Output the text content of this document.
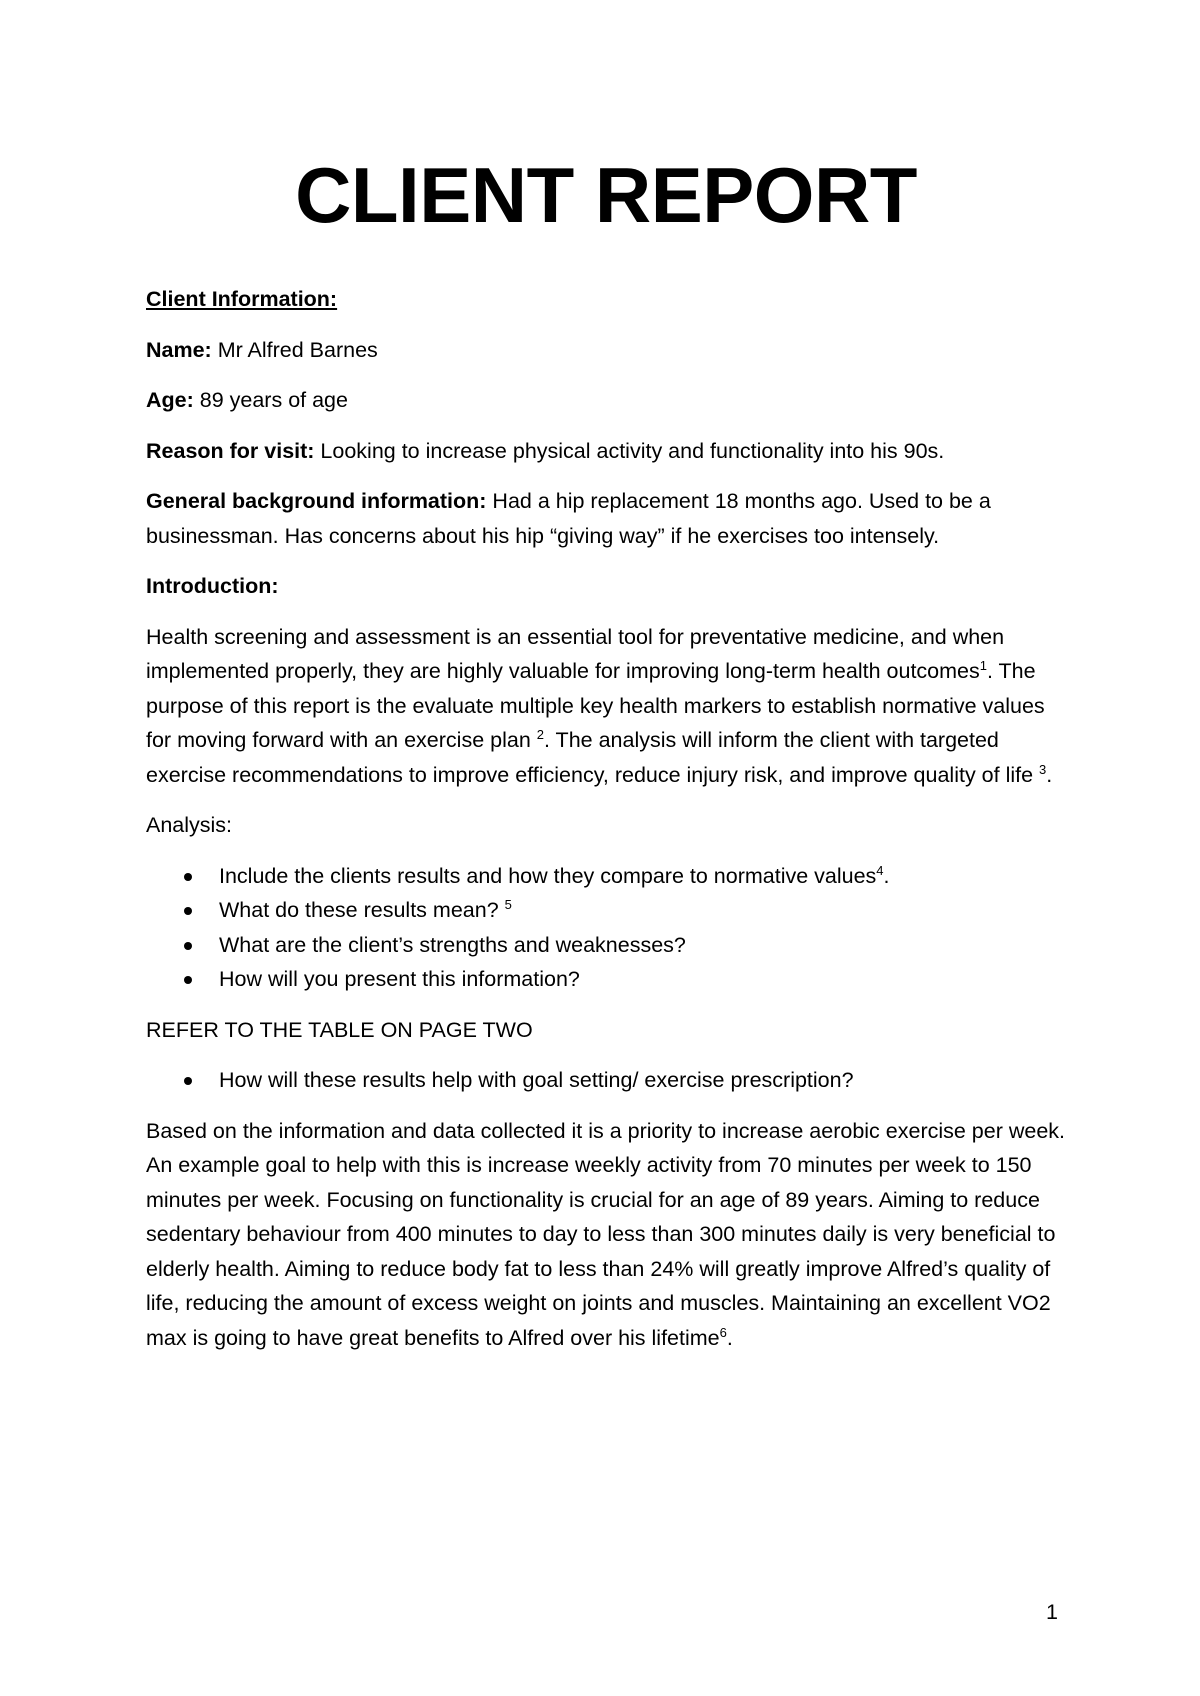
CLIENT REPORT

Client Information:

Name: Mr Alfred Barnes

Age: 89 years of age

Reason for visit: Looking to increase physical activity and functionality into his 90s.

General background information: Had a hip replacement 18 months ago. Used to be a businessman. Has concerns about his hip “giving way” if he exercises too intensely.

Introduction:

Health screening and assessment is an essential tool for preventative medicine, and when implemented properly, they are highly valuable for improving long-term health outcomes$^1$. The purpose of this report is the evaluate multiple key health markers to establish normative values for moving forward with an exercise plan $^2$. The analysis will inform the client with targeted exercise recommendations to improve efficiency, reduce injury risk, and improve quality of life $^3$.

Analysis:

Include the clients results and how they compare to normative values$^4$.
What do these results mean? $^5$
What are the client’s strengths and weaknesses?
How will you present this information?

REFER TO THE TABLE ON PAGE TWO

How will these results help with goal setting/ exercise prescription?

Based on the information and data collected it is a priority to increase aerobic exercise per week. An example goal to help with this is increase weekly activity from 70 minutes per week to 150 minutes per week. Focusing on functionality is crucial for an age of 89 years. Aiming to reduce sedentary behaviour from 400 minutes to day to less than 300 minutes daily is very beneficial to elderly health. Aiming to reduce body fat to less than 24% will greatly improve Alfred’s quality of life, reducing the amount of excess weight on joints and muscles. Maintaining an excellent VO2 max is going to have great benefits to Alfred over his lifetime$^6$.

1
